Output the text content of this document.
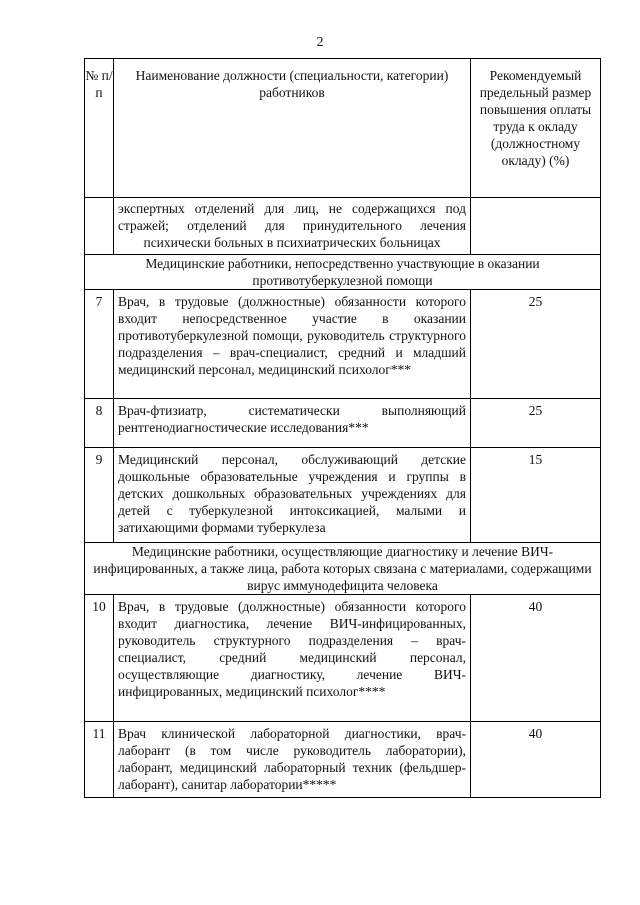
2
№ п/п	Наименование должности (специальности, категории) работников	Рекомендуемый предельный размер повышения оплаты труда к окладу (должностному окладу) (%)
	экспертных отделений для лиц, не содержащихся под стражей; отделений для принудительного лечения психически больных в психиатрических больницах	
Медицинские работники, непосредственно участвующие в оказании противотуберкулезной помощи		
7	Врач, в трудовые (должностные) обязанности которого входит непосредственное участие в оказании противотуберкулезной помощи, руководитель структурного подразделения – врач-специалист, средний и младший медицинский персонал, медицинский психолог***	25
8	Врач-фтизиатр, систематически выполняющий рентгенодиагностические исследования***	25
9	Медицинский персонал, обслуживающий детские дошкольные образовательные учреждения и группы в детских дошкольных образовательных учреждениях для детей с туберкулезной интоксикацией, малыми и затихающими формами туберкулеза	15
Медицинские работники, осуществляющие диагностику и лечение ВИЧ-инфицированных, а также лица, работа которых связана с материалами, содержащими вирус иммунодефицита человека		
10	Врач, в трудовые (должностные) обязанности которого входит диагностика, лечение ВИЧ-инфицированных, руководитель структурного подразделения – врач-специалист, средний медицинский персонал, осуществляющие диагностику, лечение ВИЧ-инфицированных, медицинский психолог****	40
11	Врач клинической лабораторной диагностики, врач-лаборант (в том числе руководитель лаборатории), лаборант, медицинский лабораторный техник (фельдшер-лаборант), санитар лаборатории*****	40
